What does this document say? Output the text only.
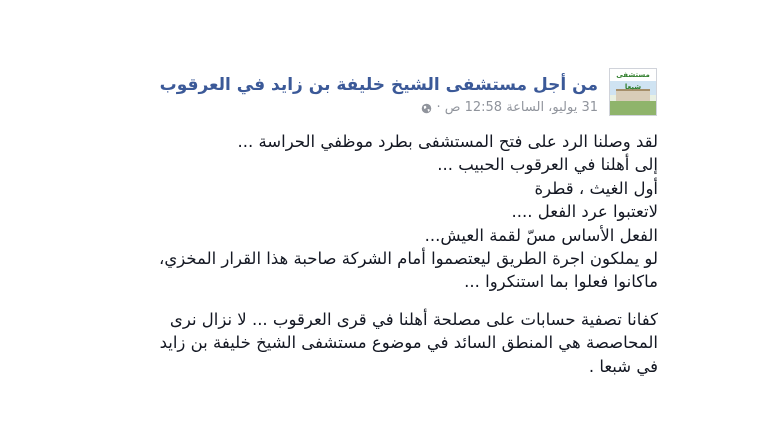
مستشفى شبعا
من أجل مستشفى الشيخ خليفة بن زايد في العرقوب
31 يوليو، الساعة 12:58 ص ·
لقد وصلنا الرد على فتح المستشفى بطرد موظفي الحراسة ...
إلى أهلنا في العرقوب الحبيب ...
أول الغيث ، قطرة
لاتعتبوا عرد الفعل ....
الفعل الأساس مسّ لقمة العيش...
لو يملكون اجرة الطريق ليعتصموا أمام الشركة صاحبة هذا القرار المخزي،
ماكانوا فعلوا بما استنكروا ...
كفانا تصفية حسابات على مصلحة أهلنا في قرى العرقوب ... لا نزال نرى
المحاصصة هي المنطق السائد في موضوع مستشفى الشيخ خليفة بن زايد
في شبعا .
